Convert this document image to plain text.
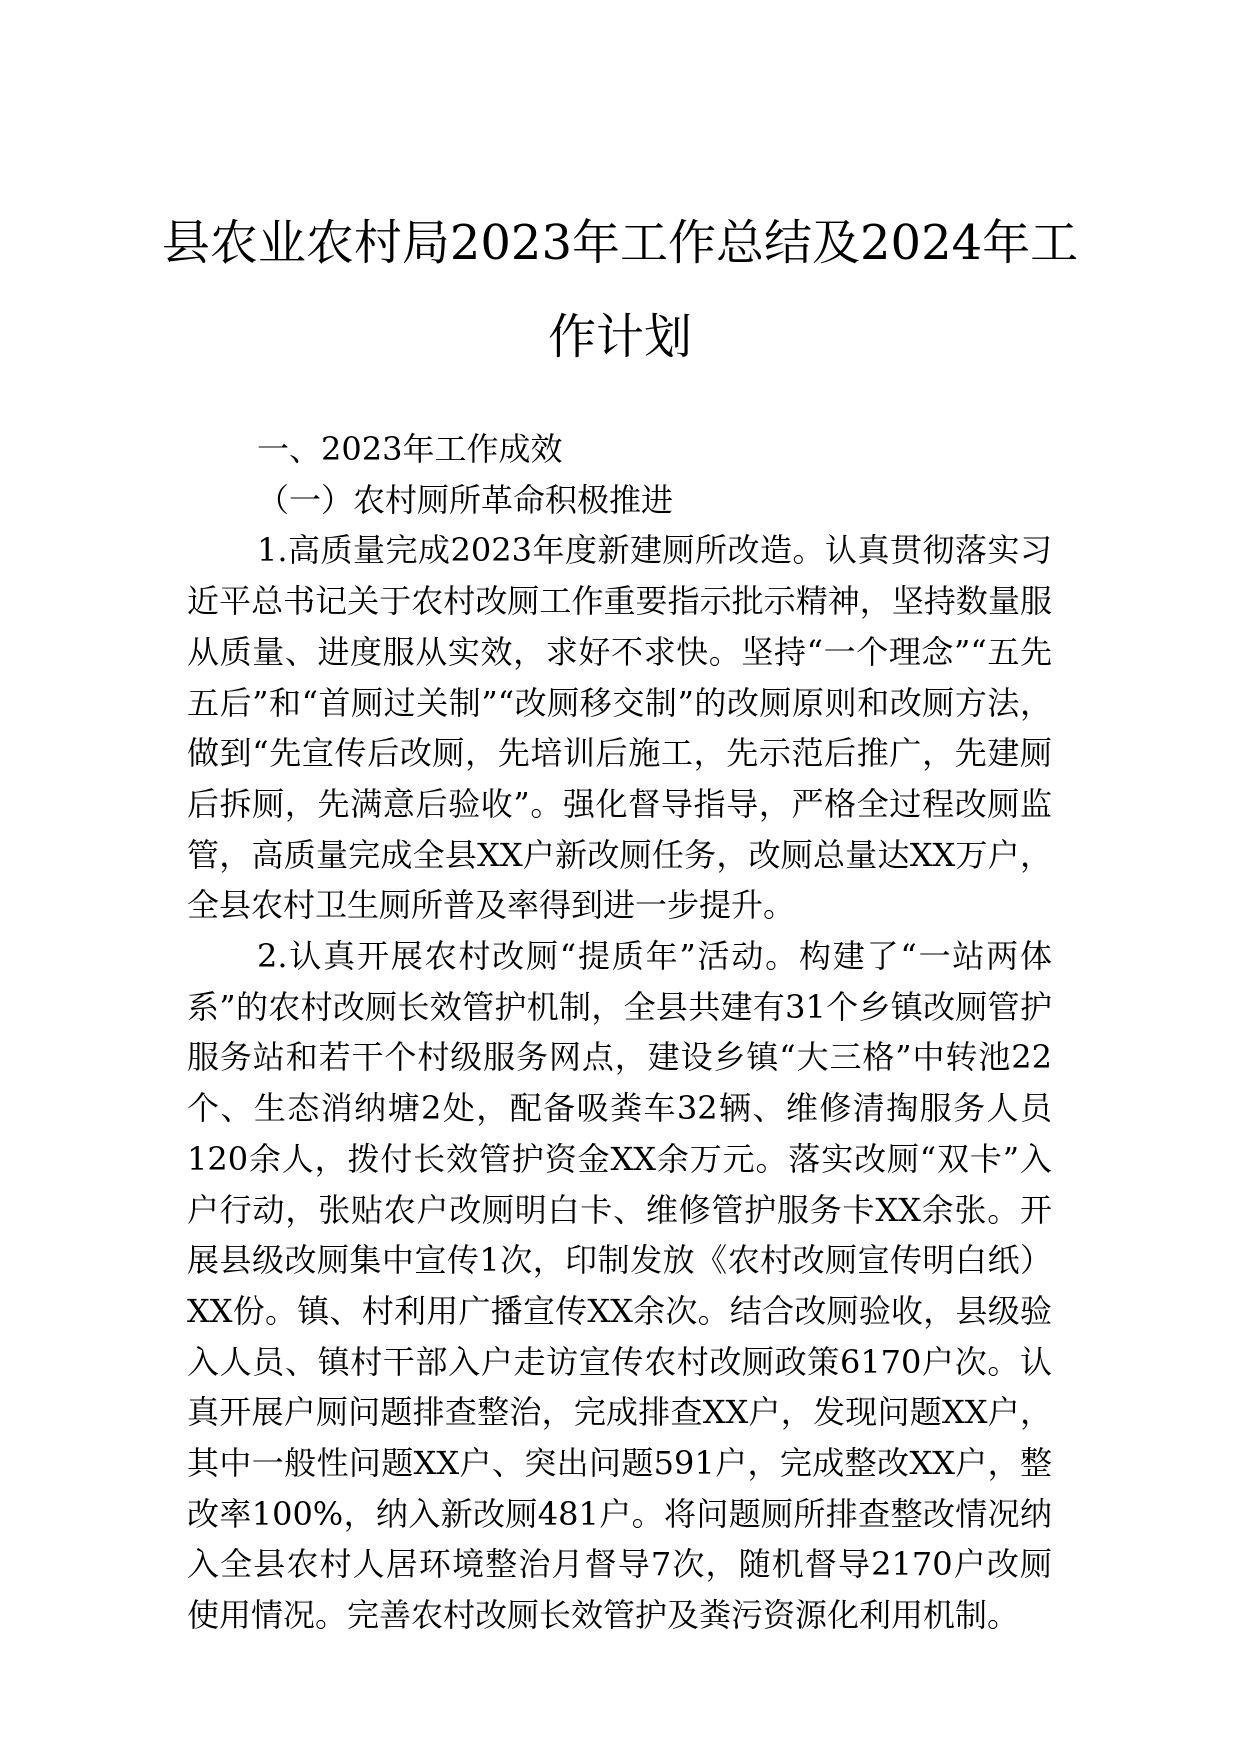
县农业农村局2023年工作总结及2024年工作计划

一、2023年工作成效

（一）农村厕所革命积极推进

1.高质量完成2023年度新建厕所改造。认真贯彻落实习近平总书记关于农村改厕工作重要指示批示精神，坚持数量服从质量、进度服从实效，求好不求快。坚持“一个理念”“五先五后”和“首厕过关制”“改厕移交制”的改厕原则和改厕方法，做到“先宣传后改厕，先培训后施工，先示范后推广，先建厕后拆厕，先满意后验收”。强化督导指导，严格全过程改厕监管，高质量完成全县XX户新改厕任务，改厕总量达XX万户，全县农村卫生厕所普及率得到进一步提升。

2.认真开展农村改厕“提质年”活动。构建了“一站两体系”的农村改厕长效管护机制，全县共建有31个乡镇改厕管护服务站和若干个村级服务网点，建设乡镇“大三格”中转池22个、生态消纳塘2处，配备吸粪车32辆、维修清掏服务人员120余人，拨付长效管护资金XX余万元。落实改厕“双卡”入户行动，张贴农户改厕明白卡、维修管护服务卡XX余张。开展县级改厕集中宣传1次，印制发放《农村改厕宣传明白纸）XX份。镇、村利用广播宣传XX余次。结合改厕验收，县级验入人员、镇村干部入户走访宣传农村改厕政策6170户次。认真开展户厕问题排查整治，完成排查XX户，发现问题XX户，其中一般性问题XX户、突出问题591户，完成整改XX户，整改率100%，纳入新改厕481户。将问题厕所排查整改情况纳入全县农村人居环境整治月督导7次，随机督导2170户改厕使用情况。完善农村改厕长效管护及粪污资源化利用机制。
